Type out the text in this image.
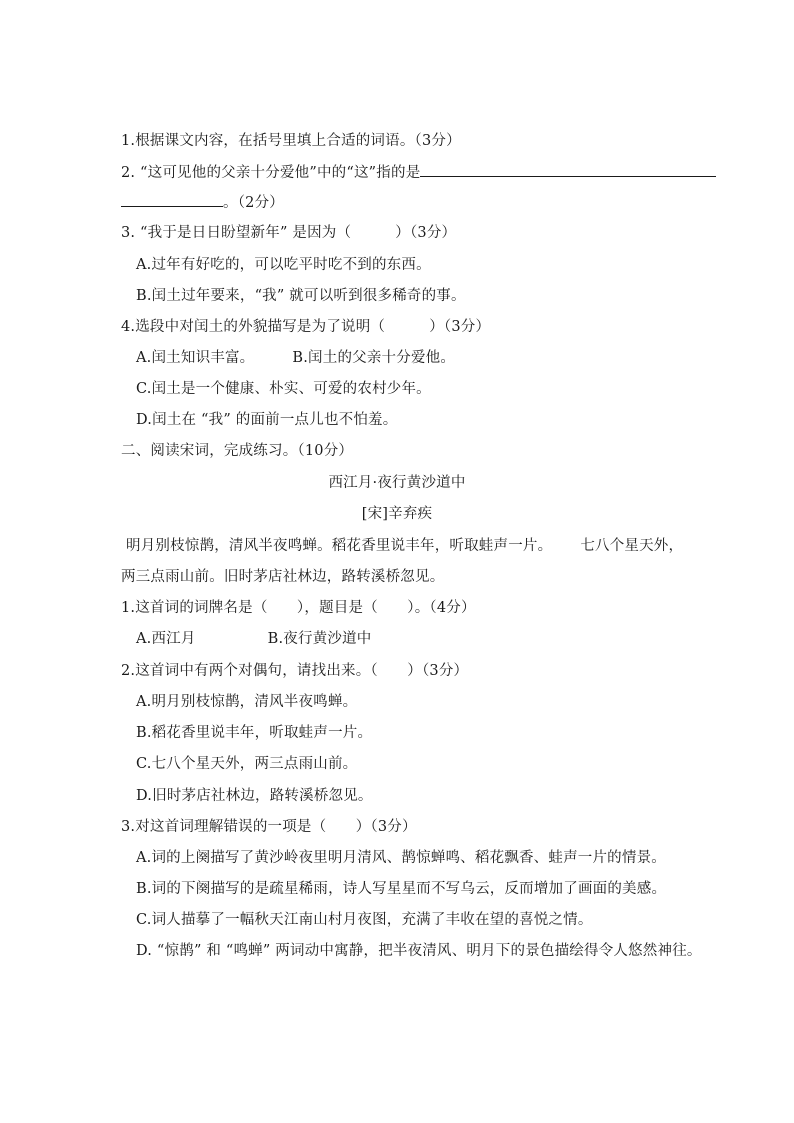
1.根据课文内容，在括号里填上合适的词语。（3分）
2. “这可见他的父亲十分爱他”中的“这”指的是
。（2分）
3. “我于是日日盼望新年” 是因为（　　　）（3分）
A.过年有好吃的，可以吃平时吃不到的东西。
B.闰土过年要来，“我” 就可以听到很多稀奇的事。
4.选段中对闰土的外貌描写是为了说明（　　　）（3分）
A.闰土知识丰富。	B.闰土的父亲十分爱他。
C.闰土是一个健康、朴实、可爱的农村少年。
D.闰土在 “我” 的面前一点儿也不怕羞。
二、阅读宋词，完成练习。（10分）
西江月·夜行黄沙道中
[宋]辛弃疾
明月别枝惊鹊，清风半夜鸣蝉。稻花香里说丰年，听取蛙声一片。 七八个星天外，
两三点雨山前。旧时茅店社林边，路转溪桥忽见。
1.这首词的词牌名是（　　），题目是（　　）。（4分）
A.西江月	B.夜行黄沙道中
2.这首词中有两个对偶句，请找出来。（　　）（3分）
A.明月别枝惊鹊，清风半夜鸣蝉。
B.稻花香里说丰年，听取蛙声一片。
C.七八个星天外，两三点雨山前。
D.旧时茅店社林边，路转溪桥忽见。
3.对这首词理解错误的一项是（　　）（3分）
A.词的上阕描写了黄沙岭夜里明月清风、鹊惊蝉鸣、稻花飘香、蛙声一片的情景。
B.词的下阕描写的是疏星稀雨，诗人写星星而不写乌云，反而增加了画面的美感。
C.词人描摹了一幅秋天江南山村月夜图，充满了丰收在望的喜悦之情。
D. “惊鹊” 和 “鸣蝉” 两词动中寓静，把半夜清风、明月下的景色描绘得令人悠然神往。
